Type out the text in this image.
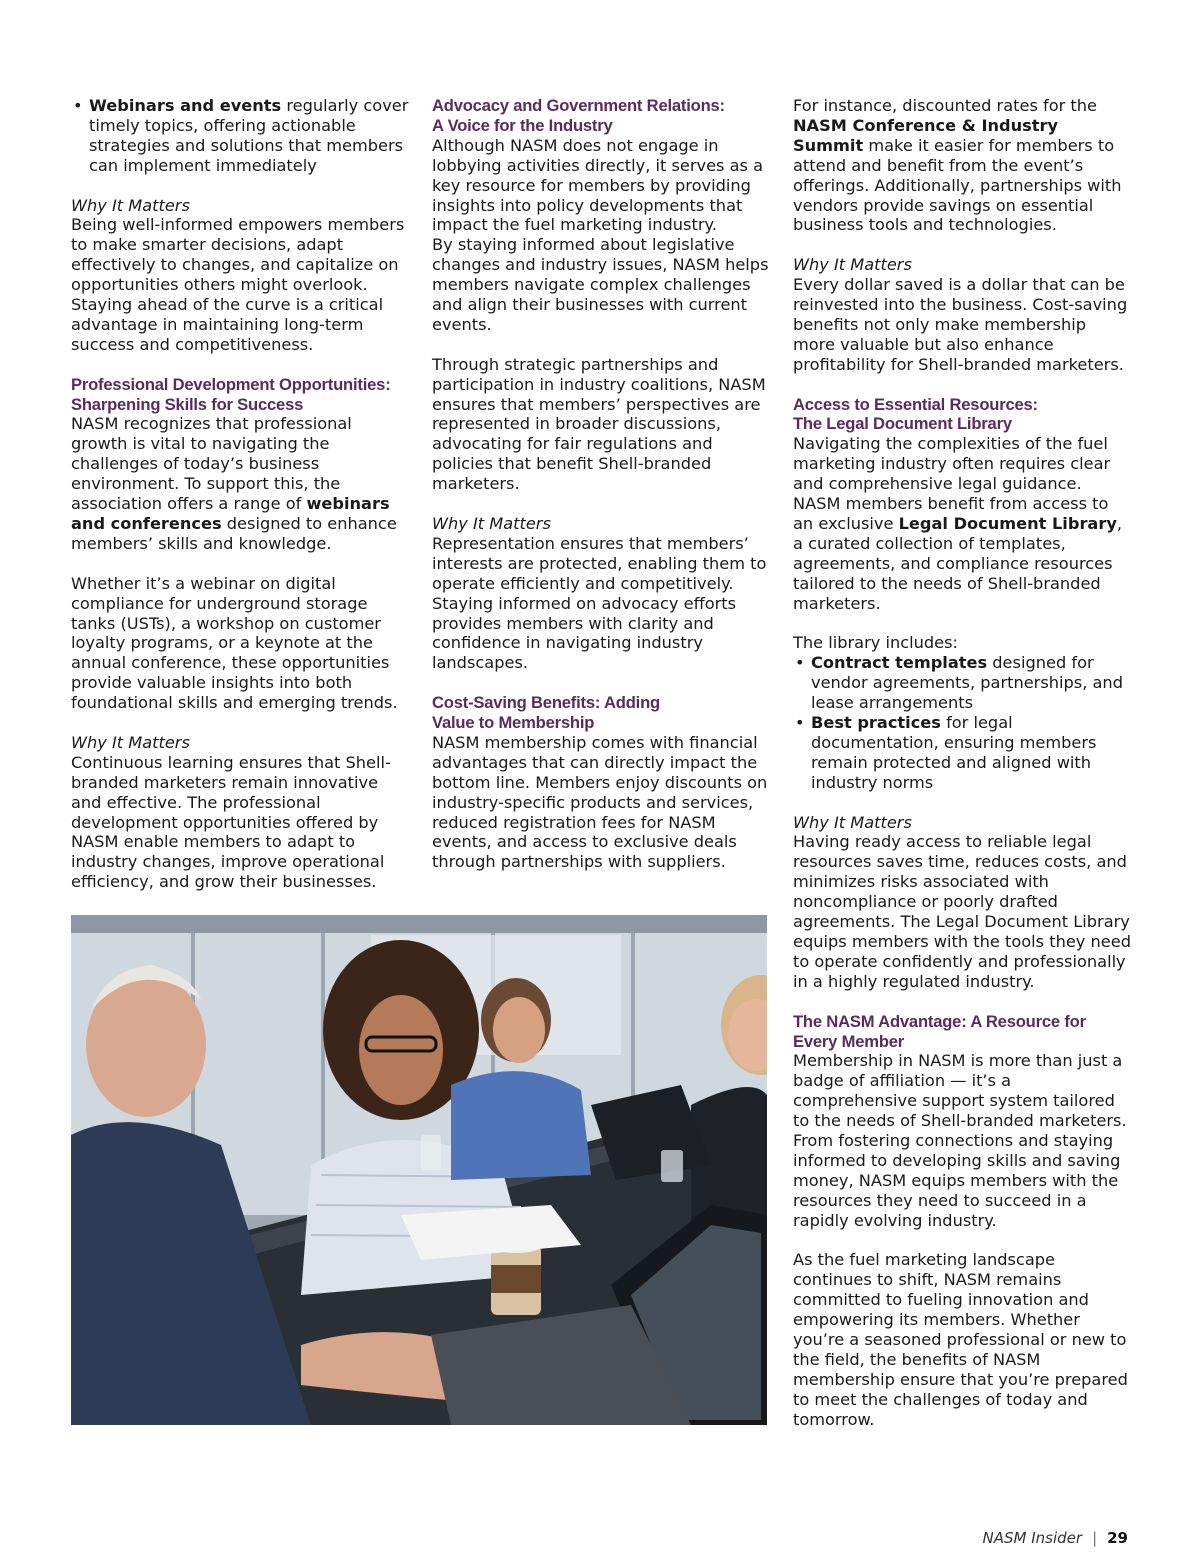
• Webinars and events regularly cover timely topics, offering actionable strategies and solutions that members can implement immediately
Why It Matters
Being well-informed empowers members to make smarter decisions, adapt effectively to changes, and capitalize on opportunities others might overlook. Staying ahead of the curve is a critical advantage in maintaining long-term success and competitiveness.
Professional Development Opportunities:
Sharpening Skills for Success
NASM recognizes that professional growth is vital to navigating the challenges of today’s business environment. To support this, the association offers a range of webinars and conferences designed to enhance members’ skills and knowledge.
Whether it’s a webinar on digital compliance for underground storage tanks (USTs), a workshop on customer loyalty programs, or a keynote at the annual conference, these opportunities provide valuable insights into both foundational skills and emerging trends.
Why It Matters
Continuous learning ensures that Shell-branded marketers remain innovative and effective. The professional development opportunities offered by NASM enable members to adapt to industry changes, improve operational efficiency, and grow their businesses.
Advocacy and Government Relations:
A Voice for the Industry
Although NASM does not engage in lobbying activities directly, it serves as a key resource for members by providing insights into policy developments that impact the fuel marketing industry.
By staying informed about legislative changes and industry issues, NASM helps members navigate complex challenges and align their businesses with current events.
Through strategic partnerships and participation in industry coalitions, NASM ensures that members’ perspectives are represented in broader discussions, advocating for fair regulations and policies that benefit Shell-branded marketers.
Why It Matters
Representation ensures that members’ interests are protected, enabling them to operate efficiently and competitively. Staying informed on advocacy efforts provides members with clarity and confidence in navigating industry landscapes.
Cost-Saving Benefits: Adding
Value to Membership
NASM membership comes with financial advantages that can directly impact the bottom line. Members enjoy discounts on industry-specific products and services, reduced registration fees for NASM events, and access to exclusive deals through partnerships with suppliers.
For instance, discounted rates for the NASM Conference & Industry Summit make it easier for members to attend and benefit from the event’s offerings. Additionally, partnerships with vendors provide savings on essential business tools and technologies.
Why It Matters
Every dollar saved is a dollar that can be reinvested into the business. Cost-saving benefits not only make membership more valuable but also enhance profitability for Shell-branded marketers.
Access to Essential Resources:
The Legal Document Library
Navigating the complexities of the fuel marketing industry often requires clear and comprehensive legal guidance. NASM members benefit from access to an exclusive Legal Document Library, a curated collection of templates, agreements, and compliance resources tailored to the needs of Shell-branded marketers.
The library includes:
• Contract templates designed for vendor agreements, partnerships, and lease arrangements
• Best practices for legal documentation, ensuring members remain protected and aligned with industry norms
Why It Matters
Having ready access to reliable legal resources saves time, reduces costs, and minimizes risks associated with noncompliance or poorly drafted agreements. The Legal Document Library equips members with the tools they need to operate confidently and professionally in a highly regulated industry.
The NASM Advantage: A Resource for
Every Member
Membership in NASM is more than just a badge of affiliation — it’s a comprehensive support system tailored to the needs of Shell-branded marketers. From fostering connections and staying informed to developing skills and saving money, NASM equips members with the resources they need to succeed in a rapidly evolving industry.
As the fuel marketing landscape continues to shift, NASM remains committed to fueling innovation and empowering its members. Whether you’re a seasoned professional or new to the field, the benefits of NASM membership ensure that you’re prepared to meet the challenges of today and tomorrow.
NASM Insider | 29
